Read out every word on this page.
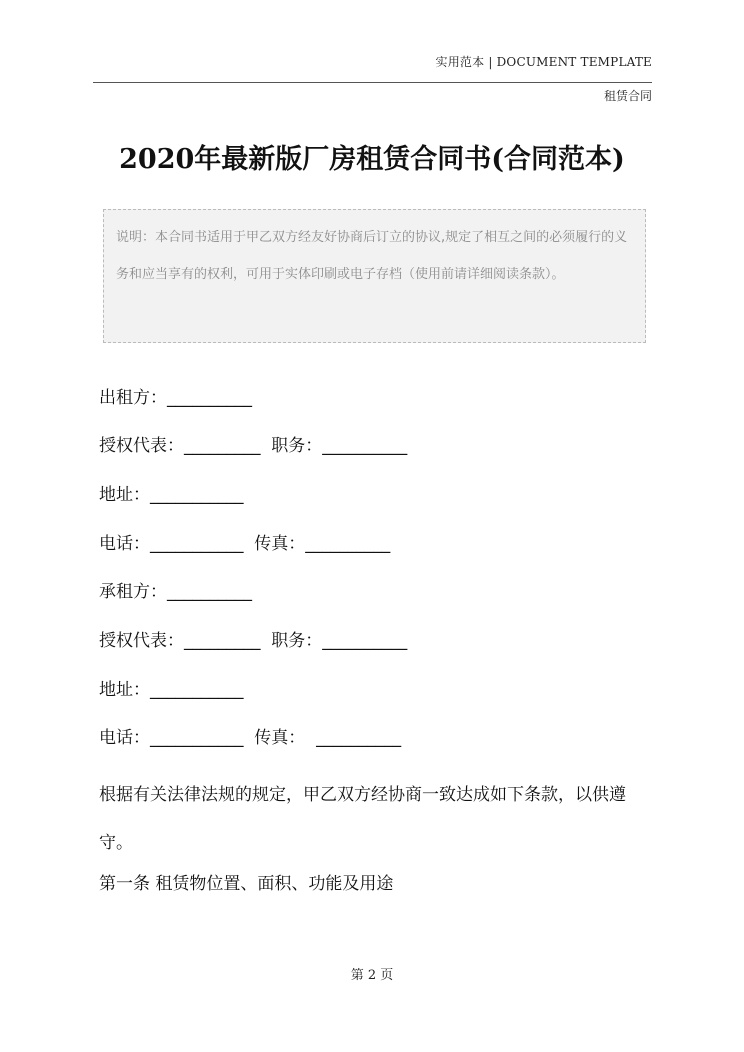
实用范本 | DOCUMENT TEMPLATE
租赁合同
2020年最新版厂房租赁合同书(合同范本)
说明：本合同书适用于甲乙双方经友好协商后订立的协议,规定了相互之间的必须履行的义务和应当享有的权利，可用于实体印刷或电子存档（使用前请详细阅读条款）。
出租方：__________
授权代表：_________  职务：__________
地址：___________
电话：___________  传真：__________
承租方：__________
授权代表：_________  职务：__________
地址：___________
电话：___________  传真：  __________
根据有关法律法规的规定，甲乙双方经协商一致达成如下条款，以供遵守。
第一条 租赁物位置、面积、功能及用途
第 2 页
